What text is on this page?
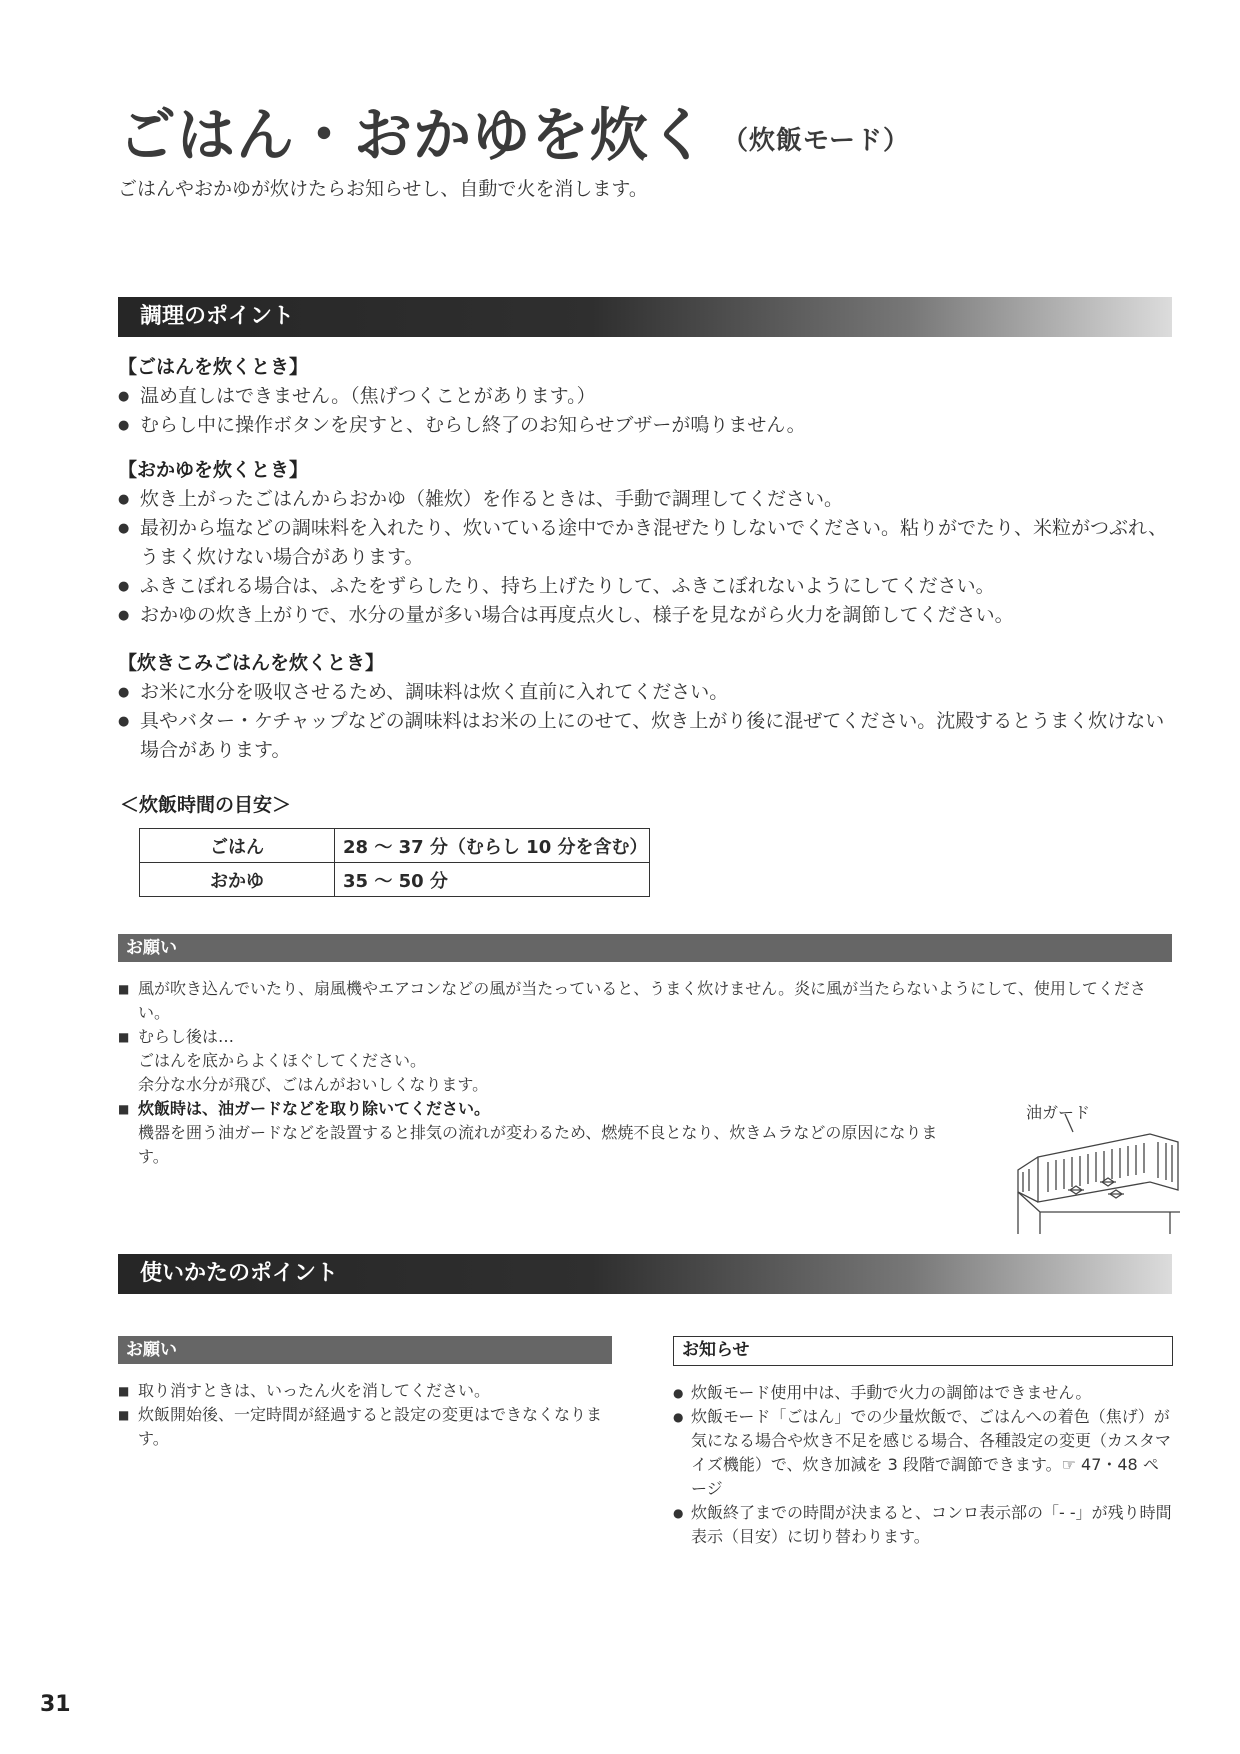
ごはん・おかゆを炊く （炊飯モード）

ごはんやおかゆが炊けたらお知らせし、自動で火を消します。

調理のポイント

【ごはんを炊くとき】

● 温め直しはできません。（焦げつくことがあります。）
● むらし中に操作ボタンを戻すと、むらし終了のお知らせブザーが鳴りません。

【おかゆを炊くとき】

● 炊き上がったごはんからおかゆ（雑炊）を作るときは、手動で調理してください。
● 最初から塩などの調味料を入れたり、炊いている途中でかき混ぜたりしないでください。粘りがでたり、米粒がつぶれ、うまく炊けない場合があります。
● ふきこぼれる場合は、ふたをずらしたり、持ち上げたりして、ふきこぼれないようにしてください。
● おかゆの炊き上がりで、水分の量が多い場合は再度点火し、様子を見ながら火力を調節してください。

【炊きこみごはんを炊くとき】

● お米に水分を吸収させるため、調味料は炊く直前に入れてください。
● 具やバター・ケチャップなどの調味料はお米の上にのせて、炊き上がり後に混ぜてください。沈殿するとうまく炊けない場合があります。

＜炊飯時間の目安＞

ごはん	28 〜 37 分（むらし 10 分を含む）
おかゆ	35 〜 50 分
お願い
■ 風が吹き込んでいたり、扇風機やエアコンなどの風が当たっていると、うまく炊けません。炎に風が当たらないようにして、使用してください。
■ むらし後は…
ごはんを底からよくほぐしてください。
余分な水分が飛び、ごはんがおいしくなります。
■ 炊飯時は、油ガードなどを取り除いてください。
機器を囲う油ガードなどを設置すると排気の流れが変わるため、燃焼不良となり、炊きムラなどの原因になります。
油ガード
使いかたのポイント
お願い
■ 取り消すときは、いったん火を消してください。
■ 炊飯開始後、一定時間が経過すると設定の変更はできなくなります。
お知らせ
● 炊飯モード使用中は、手動で火力の調節はできません。
● 炊飯モード「ごはん」での少量炊飯で、ごはんへの着色（焦げ）が気になる場合や炊き不足を感じる場合、各種設定の変更（カスタマイズ機能）で、炊き加減を 3 段階で調節できます。☞ 47・48 ページ
● 炊飯終了までの時間が決まると、コンロ表示部の「- -」が残り時間表示（目安）に切り替わります。
31
